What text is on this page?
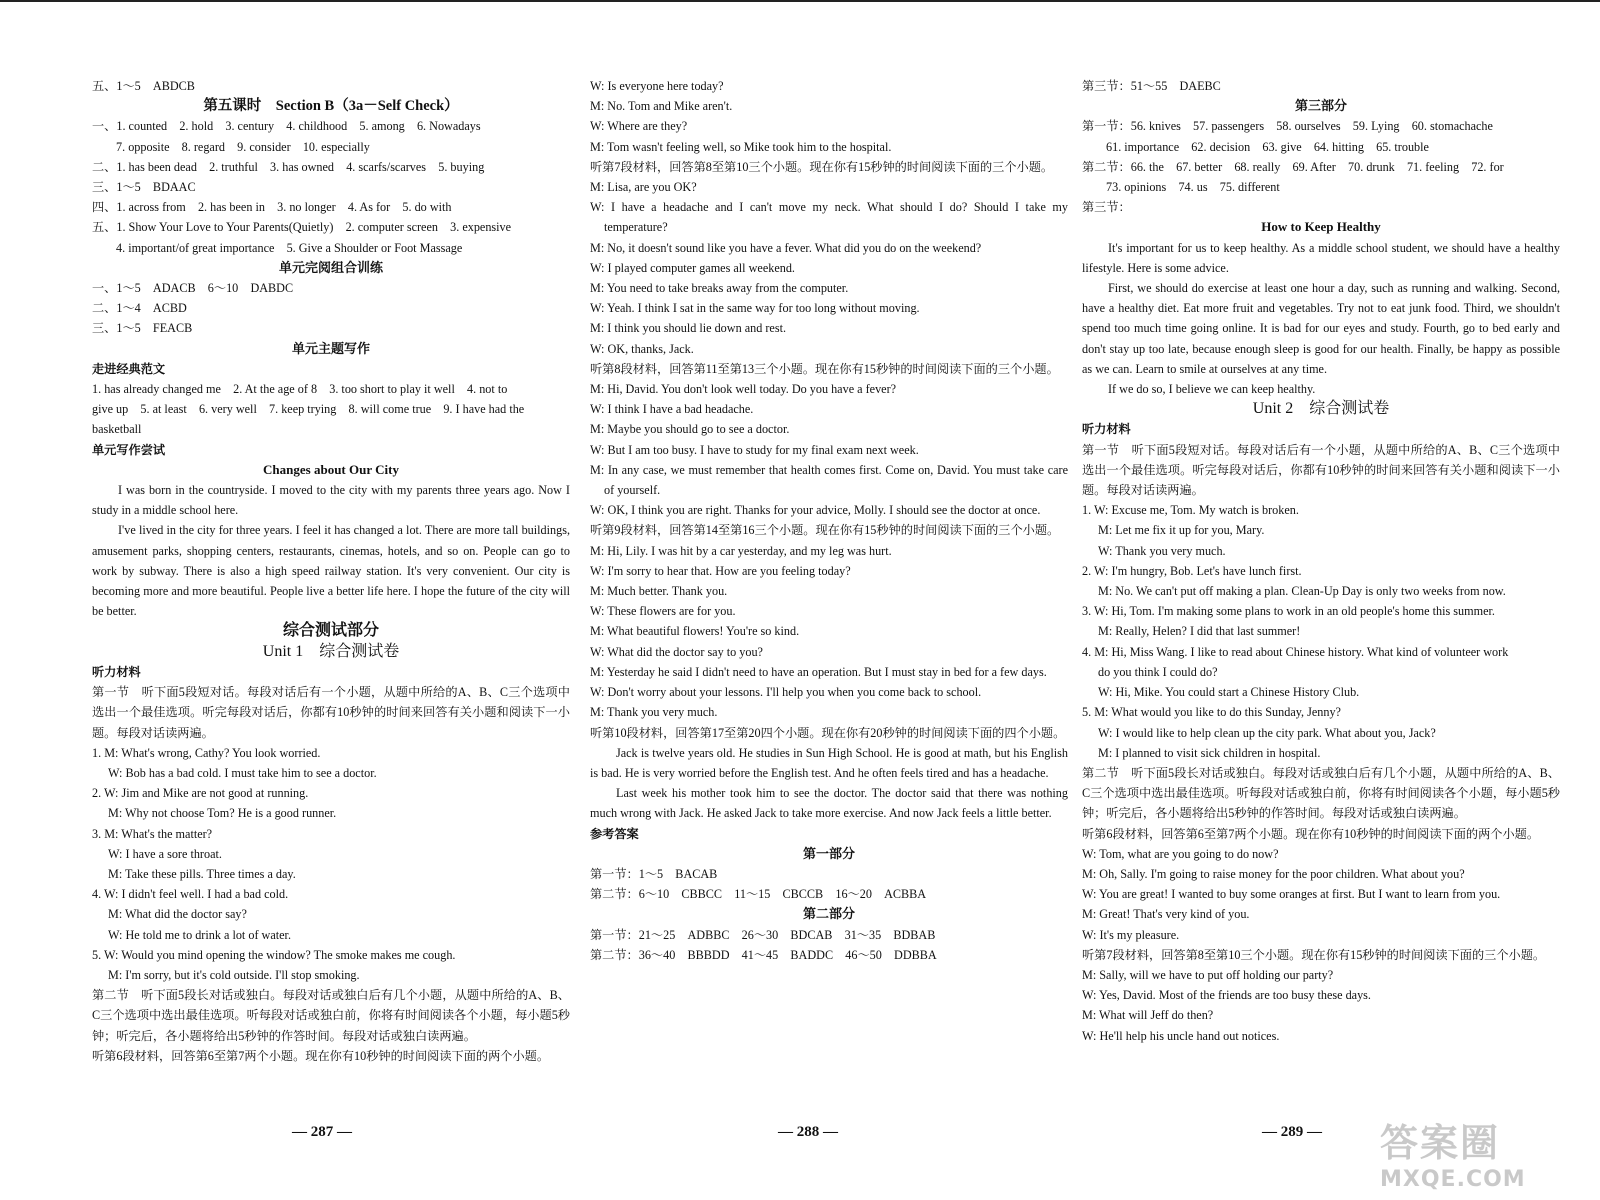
五、1～5　ABDCB
第五课时　Section B（3a－Self Check）
一、1. counted　2. hold　3. century　4. childhood　5. among　6. Nowadays
7. opposite　8. regard　9. consider　10. especially
二、1. has been dead　2. truthful　3. has owned　4. scarfs/scarves　5. buying
三、1～5　BDAAC
四、1. across from　2. has been in　3. no longer　4. As for　5. do with
五、1. Show Your Love to Your Parents(Quietly)　2. computer screen　3. expensive
4. important/of great importance　5. Give a Shoulder or Foot Massage
单元完阅组合训练
一、1～5　ADACB　6～10　DABDC
二、1～4　ACBD
三、1～5　FEACB
单元主题写作
走进经典范文
1. has already changed me　2. At the age of 8　3. too short to play it well　4. not to
give up　5. at least　6. very well　7. keep trying　8. will come true　9. I have had the
basketball
单元写作尝试
Changes about Our City
I was born in the countryside. I moved to the city with my parents three years ago. Now I study in a middle school here.
I've lived in the city for three years. I feel it has changed a lot. There are more tall buildings, amusement parks, shopping centers, restaurants, cinemas, hotels, and so on. People can go to work by subway. There is also a high speed railway station. It's very convenient. Our city is becoming more and more beautiful. People live a better life here. I hope the future of the city will be better.
综合测试部分
Unit 1　综合测试卷
听力材料
第一节　听下面5段短对话。每段对话后有一个小题，从题中所给的A、B、C三个选项中选出一个最佳选项。听完每段对话后，你都有10秒钟的时间来回答有关小题和阅读下一小题。每段对话读两遍。
1. M: What's wrong, Cathy? You look worried.
W: Bob has a bad cold. I must take him to see a doctor.
2. W: Jim and Mike are not good at running.
M: Why not choose Tom? He is a good runner.
3. M: What's the matter?
W: I have a sore throat.
M: Take these pills. Three times a day.
4. W: I didn't feel well. I had a bad cold.
M: What did the doctor say?
W: He told me to drink a lot of water.
5. W: Would you mind opening the window? The smoke makes me cough.
M: I'm sorry, but it's cold outside. I'll stop smoking.
第二节　听下面5段长对话或独白。每段对话或独白后有几个小题，从题中所给的A、B、C三个选项中选出最佳选项。听每段对话或独白前，你将有时间阅读各个小题，每小题5秒钟；听完后，各小题将给出5秒钟的作答时间。每段对话或独白读两遍。
听第6段材料，回答第6至第7两个小题。现在你有10秒钟的时间阅读下面的两个小题。
W: Is everyone here today?
M: No. Tom and Mike aren't.
W: Where are they?
M: Tom wasn't feeling well, so Mike took him to the hospital.
听第7段材料，回答第8至第10三个小题。现在你有15秒钟的时间阅读下面的三个小题。
M: Lisa, are you OK?
W: I have a headache and I can't move my neck. What should I do? Should I take my temperature?
M: No, it doesn't sound like you have a fever. What did you do on the weekend?
W: I played computer games all weekend.
M: You need to take breaks away from the computer.
W: Yeah. I think I sat in the same way for too long without moving.
M: I think you should lie down and rest.
W: OK, thanks, Jack.
听第8段材料，回答第11至第13三个小题。现在你有15秒钟的时间阅读下面的三个小题。
M: Hi, David. You don't look well today. Do you have a fever?
W: I think I have a bad headache.
M: Maybe you should go to see a doctor.
W: But I am too busy. I have to study for my final exam next week.
M: In any case, we must remember that health comes first. Come on, David. You must take care of yourself.
W: OK, I think you are right. Thanks for your advice, Molly. I should see the doctor at once.
听第9段材料，回答第14至第16三个小题。现在你有15秒钟的时间阅读下面的三个小题。
M: Hi, Lily. I was hit by a car yesterday, and my leg was hurt.
W: I'm sorry to hear that. How are you feeling today?
M: Much better. Thank you.
W: These flowers are for you.
M: What beautiful flowers! You're so kind.
W: What did the doctor say to you?
M: Yesterday he said I didn't need to have an operation. But I must stay in bed for a few days.
W: Don't worry about your lessons. I'll help you when you come back to school.
M: Thank you very much.
听第10段材料，回答第17至第20四个小题。现在你有20秒钟的时间阅读下面的四个小题。
Jack is twelve years old. He studies in Sun High School. He is good at math, but his English is bad. He is very worried before the English test. And he often feels tired and has a headache.
Last week his mother took him to see the doctor. The doctor said that there was nothing much wrong with Jack. He asked Jack to take more exercise. And now Jack feels a little better.
参考答案
第一部分
第一节：1～5　BACAB
第二节：6～10　CBBCC　11～15　CBCCB　16～20　ACBBA
第二部分
第一节：21～25　ADBBC　26～30　BDCAB　31～35　BDBAB
第二节：36～40　BBBDD　41～45　BADDC　46～50　DDBBA
第三节：51～55　DAEBC
第三部分
第一节：56. knives　57. passengers　58. ourselves　59. Lying　60. stomachache
61. importance　62. decision　63. give　64. hitting　65. trouble
第二节：66. the　67. better　68. really　69. After　70. drunk　71. feeling　72. for
73. opinions　74. us　75. different
第三节：
How to Keep Healthy
It's important for us to keep healthy. As a middle school student, we should have a healthy lifestyle. Here is some advice.
First, we should do exercise at least one hour a day, such as running and walking. Second, have a healthy diet. Eat more fruit and vegetables. Try not to eat junk food. Third, we shouldn't spend too much time going online. It is bad for our eyes and study. Fourth, go to bed early and don't stay up too late, because enough sleep is good for our health. Finally, be happy as possible as we can. Learn to smile at ourselves at any time.
If we do so, I believe we can keep healthy.
Unit 2　综合测试卷
听力材料
第一节　听下面5段短对话。每段对话后有一个小题，从题中所给的A、B、C三个选项中选出一个最佳选项。听完每段对话后，你都有10秒钟的时间来回答有关小题和阅读下一小题。每段对话读两遍。
1. W: Excuse me, Tom. My watch is broken.
M: Let me fix it up for you, Mary.
W: Thank you very much.
2. W: I'm hungry, Bob. Let's have lunch first.
M: No. We can't put off making a plan. Clean-Up Day is only two weeks from now.
3. W: Hi, Tom. I'm making some plans to work in an old people's home this summer.
M: Really, Helen? I did that last summer!
4. M: Hi, Miss Wang. I like to read about Chinese history. What kind of volunteer work
do you think I could do?
W: Hi, Mike. You could start a Chinese History Club.
5. M: What would you like to do this Sunday, Jenny?
W: I would like to help clean up the city park. What about you, Jack?
M: I planned to visit sick children in hospital.
第二节　听下面5段长对话或独白。每段对话或独白后有几个小题，从题中所给的A、B、C三个选项中选出最佳选项。听每段对话或独白前，你将有时间阅读各个小题，每小题5秒钟；听完后，各小题将给出5秒钟的作答时间。每段对话或独白读两遍。
听第6段材料，回答第6至第7两个小题。现在你有10秒钟的时间阅读下面的两个小题。
W: Tom, what are you going to do now?
M: Oh, Sally. I'm going to raise money for the poor children. What about you?
W: You are great! I wanted to buy some oranges at first. But I want to learn from you.
M: Great! That's very kind of you.
W: It's my pleasure.
听第7段材料，回答第8至第10三个小题。现在你有15秒钟的时间阅读下面的三个小题。
M: Sally, will we have to put off holding our party?
W: Yes, David. Most of the friends are too busy these days.
M: What will Jeff do then?
W: He'll help his uncle hand out notices.
— 287 —	— 288 —	— 289 — 答案圈
MXQE.COM
